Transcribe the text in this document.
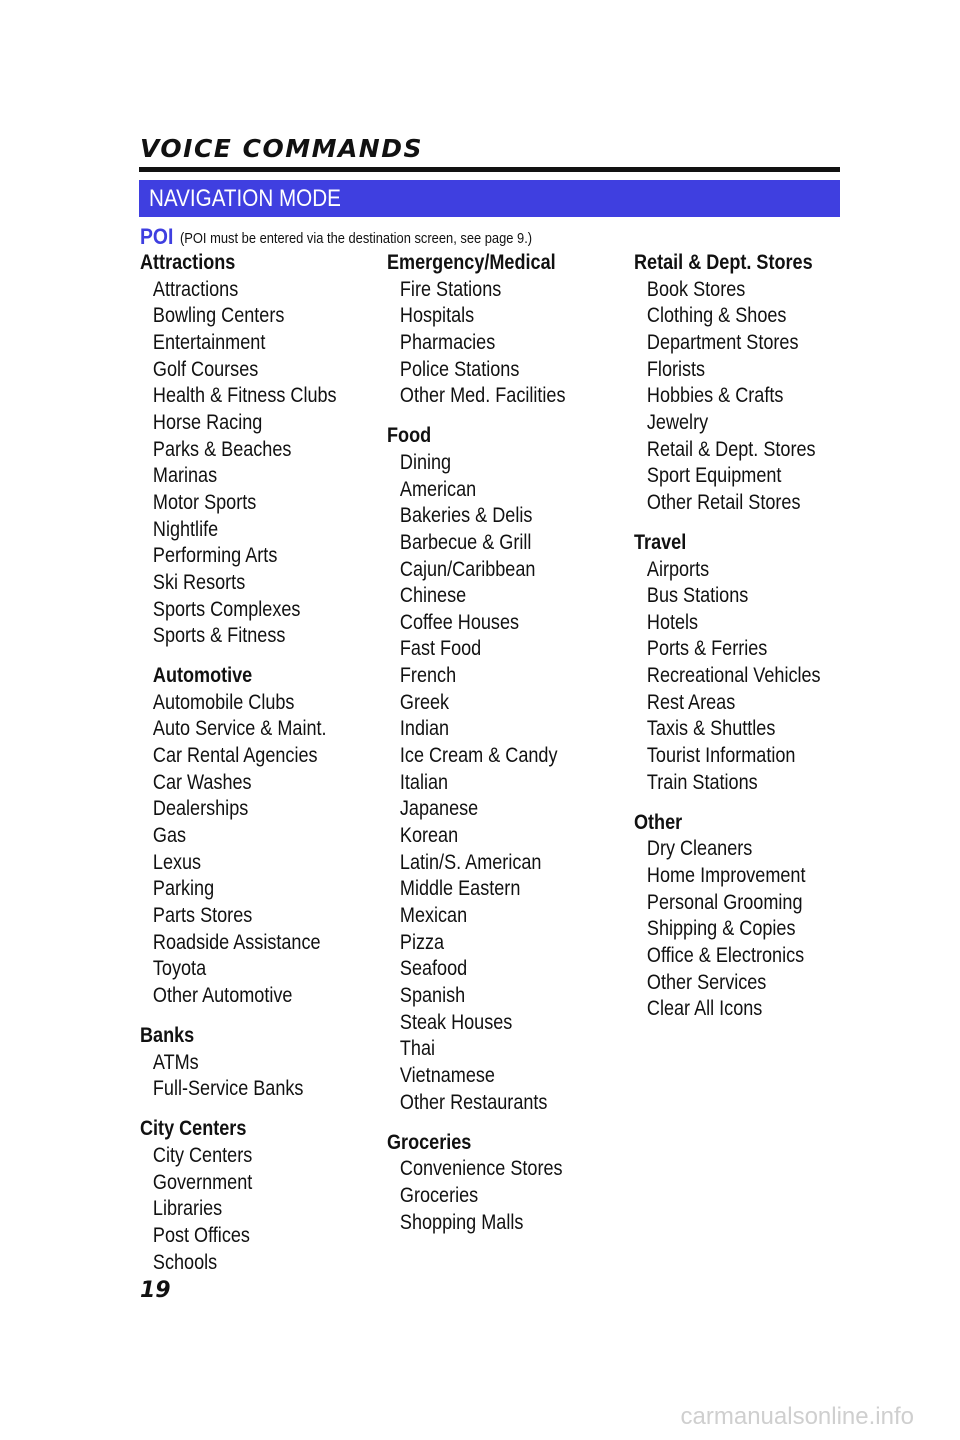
VOICE COMMANDS
NAVIGATION MODE
POI (POI must be entered via the destination screen, see page 9.)
Attractions
Attractions
Bowling Centers
Entertainment
Golf Courses
Health & Fitness Clubs
Horse Racing
Parks & Beaches
Marinas
Motor Sports
Nightlife
Performing Arts
Ski Resorts
Sports Complexes
Sports & Fitness
Automotive
Automobile Clubs
Auto Service & Maint.
Car Rental Agencies
Car Washes
Dealerships
Gas
Lexus
Parking
Parts Stores
Roadside Assistance
Toyota
Other Automotive
Banks
ATMs
Full-Service Banks
City Centers
City Centers
Government
Libraries
Post Offices
Schools
Emergency/Medical
Fire Stations
Hospitals
Pharmacies
Police Stations
Other Med. Facilities
Food
Dining
American
Bakeries & Delis
Barbecue & Grill
Cajun/Caribbean
Chinese
Coffee Houses
Fast Food
French
Greek
Indian
Ice Cream & Candy
Italian
Japanese
Korean
Latin/S. American
Middle Eastern
Mexican
Pizza
Seafood
Spanish
Steak Houses
Thai
Vietnamese
Other Restaurants
Groceries
Convenience Stores
Groceries
Shopping Malls
Retail & Dept. Stores
Book Stores
Clothing & Shoes
Department Stores
Florists
Hobbies & Crafts
Jewelry
Retail & Dept. Stores
Sport Equipment
Other Retail Stores
Travel
Airports
Bus Stations
Hotels
Ports & Ferries
Recreational Vehicles
Rest Areas
Taxis & Shuttles
Tourist Information
Train Stations
Other
Dry Cleaners
Home Improvement
Personal Grooming
Shipping & Copies
Office & Electronics
Other Services
Clear All Icons
19
carmanualsonline.info
